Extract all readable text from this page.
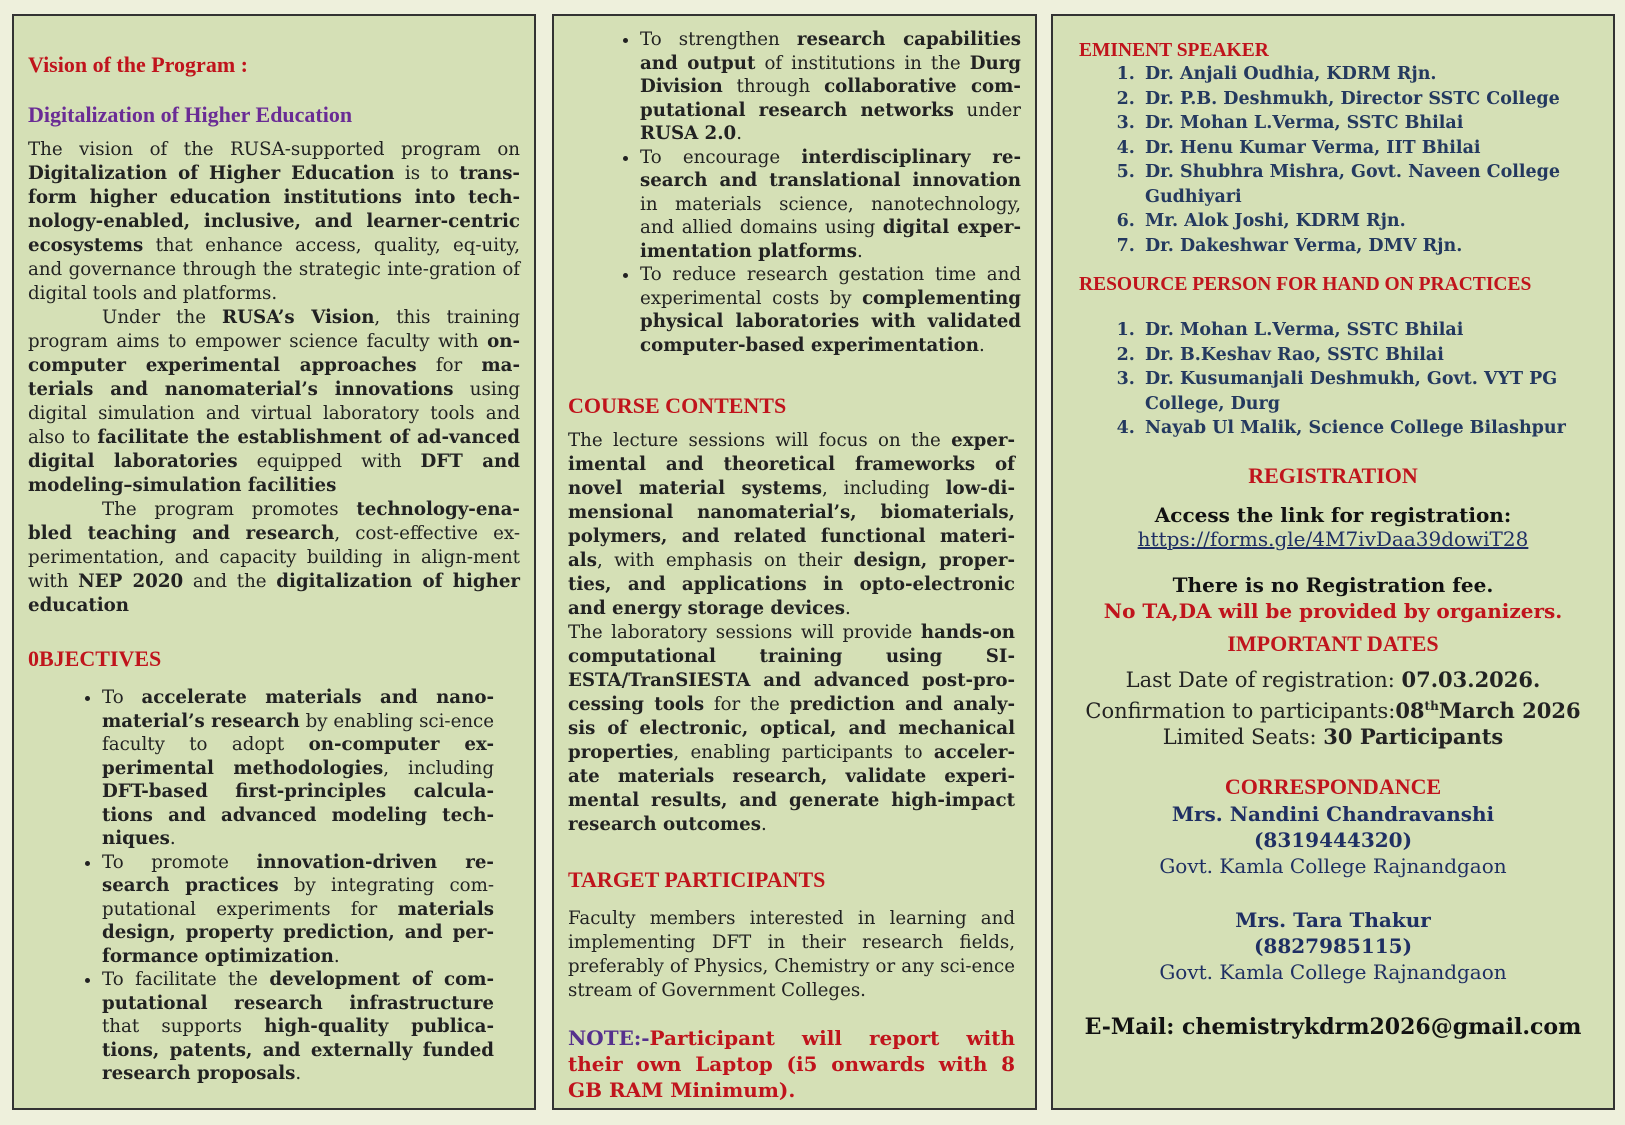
Vision of the Program :
Digitalization of Higher Education

The vision of the RUSA-supported program on Digitalization of Higher Education is to trans-form higher education institutions into tech-nology-enabled, inclusive, and learner-centric ecosystems that enhance access, quality, eq-uity, and governance through the strategic inte-gration of digital tools and platforms.

Under the RUSA’s Vision, this training program aims to empower science faculty with on-computer experimental approaches for ma-terials and nanomaterial’s innovations using digital simulation and virtual laboratory tools and also to facilitate the establishment of ad-vanced digital laboratories equipped with DFT and modeling–simulation facilities

The program promotes technology-ena-bled teaching and research, cost-effective ex-perimentation, and capacity building in align-ment with NEP 2020 and the digitalization of higher education

0BJECTIVES
• To accelerate materials and nano-material’s research by enabling sci-ence faculty to adopt on-computer ex-perimental methodologies, including DFT-based first-principles calcula-tions and advanced modeling tech-niques.
• To promote innovation-driven re-search practices by integrating com-putational experiments for materials design, property prediction, and per-formance optimization.
• To facilitate the development of com-putational research infrastructure that supports high-quality publica-tions, patents, and externally funded research proposals.
• To strengthen research capabilities and output of institutions in the Durg Division through collaborative com-putational research networks under RUSA 2.0.
• To encourage interdisciplinary re-search and translational innovation in materials science, nanotechnology, and allied domains using digital exper-imentation platforms.
• To reduce research gestation time and experimental costs by complementing physical laboratories with validated computer-based experimentation.
COURSE CONTENTS

The lecture sessions will focus on the exper-imental and theoretical frameworks of novel material systems, including low-di-mensional nanomaterial’s, biomaterials, polymers, and related functional materi-als, with emphasis on their design, proper-ties, and applications in opto-electronic and energy storage devices.

The laboratory sessions will provide hands-on computational training using SI-ESTA/TranSIESTA and advanced post-pro-cessing tools for the prediction and analy-sis of electronic, optical, and mechanical properties, enabling participants to acceler-ate materials research, validate experi-mental results, and generate high-impact research outcomes.

TARGET PARTICIPANTS

Faculty members interested in learning and implementing DFT in their research fields, preferably of Physics, Chemistry or any sci-ence stream of Government Colleges.

NOTE:-Participant will report with their own Laptop (i5 onwards with 8 GB RAM Minimum).

EMINENT SPEAKER
1. Dr. Anjali Oudhia, KDRM Rjn.
2. Dr. P.B. Deshmukh, Director SSTC College
3. Dr. Mohan L.Verma, SSTC Bhilai
4. Dr. Henu Kumar Verma, IIT Bhilai
5. Dr. Shubhra Mishra, Govt. Naveen College Gudhiyari
6. Mr. Alok Joshi, KDRM Rjn.
7. Dr. Dakeshwar Verma, DMV Rjn.
RESOURCE PERSON FOR HAND ON PRACTICES
1. Dr. Mohan L.Verma, SSTC Bhilai
2. Dr. B.Keshav Rao, SSTC Bhilai
3. Dr. Kusumanjali Deshmukh, Govt. VYT PG College, Durg
4. Nayab Ul Malik, Science College Bilashpur
REGISTRATION
Access the link for registration:
https://forms.gle/4M7ivDaa39dowiT28
There is no Registration fee.
No TA,DA will be provided by organizers.
IMPORTANT DATES
Last Date of registration: 07.03.2026.
Confirmation to participants:08thMarch 2026
Limited Seats: 30 Participants
CORRESPONDANCE
Mrs. Nandini Chandravanshi
(8319444320)
Govt. Kamla College Rajnandgaon
Mrs. Tara Thakur
(8827985115)
Govt. Kamla College Rajnandgaon
E-Mail: chemistrykdrm2026@gmail.com
